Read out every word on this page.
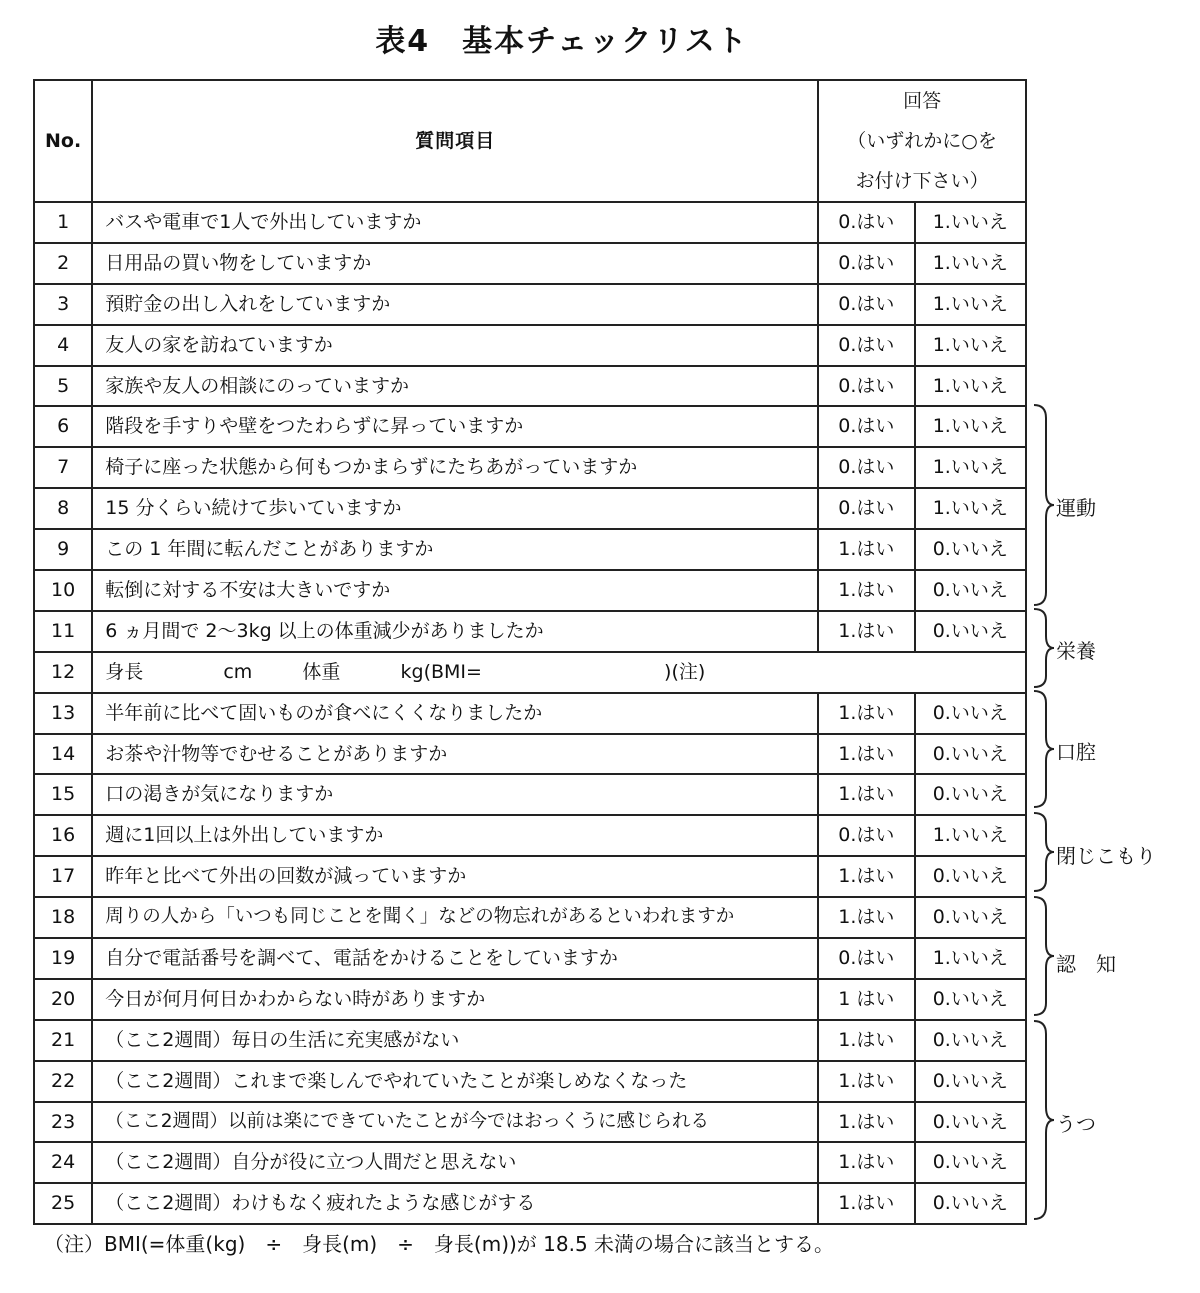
表4　基本チェックリスト
No.	質問項目	回答
（いずれかに○を
お付け下さい）	

1	バスや電車で1人で外出していますか	0.はい	1.いいえ
2	日用品の買い物をしていますか	0.はい	1.いいえ
3	預貯金の出し入れをしていますか	0.はい	1.いいえ
4	友人の家を訪ねていますか	0.はい	1.いいえ
5	家族や友人の相談にのっていますか	0.はい	1.いいえ
6	階段を手すりや壁をつたわらずに昇っていますか	0.はい	1.いいえ
7	椅子に座った状態から何もつかまらずにたちあがっていますか	0.はい	1.いいえ
8	15 分くらい続けて歩いていますか	0.はい	1.いいえ
9	この 1 年間に転んだことがありますか	1.はい	0.いいえ
10	転倒に対する不安は大きいですか	1.はい	0.いいえ
11	6 ヵ月間で 2～3kg 以上の体重減少がありましたか	1.はい	0.いいえ
12	身長 cm 体重 kg(BMI= )(注)		
13	半年前に比べて固いものが食べにくくなりましたか	1.はい	0.いいえ
14	お茶や汁物等でむせることがありますか	1.はい	0.いいえ
15	口の渇きが気になりますか	1.はい	0.いいえ
16	週に1回以上は外出していますか	0.はい	1.いいえ
17	昨年と比べて外出の回数が減っていますか	1.はい	0.いいえ
18	周りの人から「いつも同じことを聞く」などの物忘れがあるといわれますか	1.はい	0.いいえ
19	自分で電話番号を調べて、電話をかけることをしていますか	0.はい	1.いいえ
20	今日が何月何日かわからない時がありますか	1 はい	0.いいえ
21	（ここ2週間）毎日の生活に充実感がない	1.はい	0.いいえ
22	（ここ2週間）これまで楽しんでやれていたことが楽しめなくなった	1.はい	0.いいえ
23	（ここ2週間）以前は楽にできていたことが今ではおっくうに感じられる	1.はい	0.いいえ
24	（ここ2週間）自分が役に立つ人間だと思えない	1.はい	0.いいえ
25	（ここ2週間）わけもなく疲れたような感じがする	1.はい	0.いいえ
運動
栄養
口腔
閉じこもり
認　知
うつ
（注）BMI(=体重(kg)　÷　身長(m)　÷　身長(m))が 18.5 未満の場合に該当とする。
